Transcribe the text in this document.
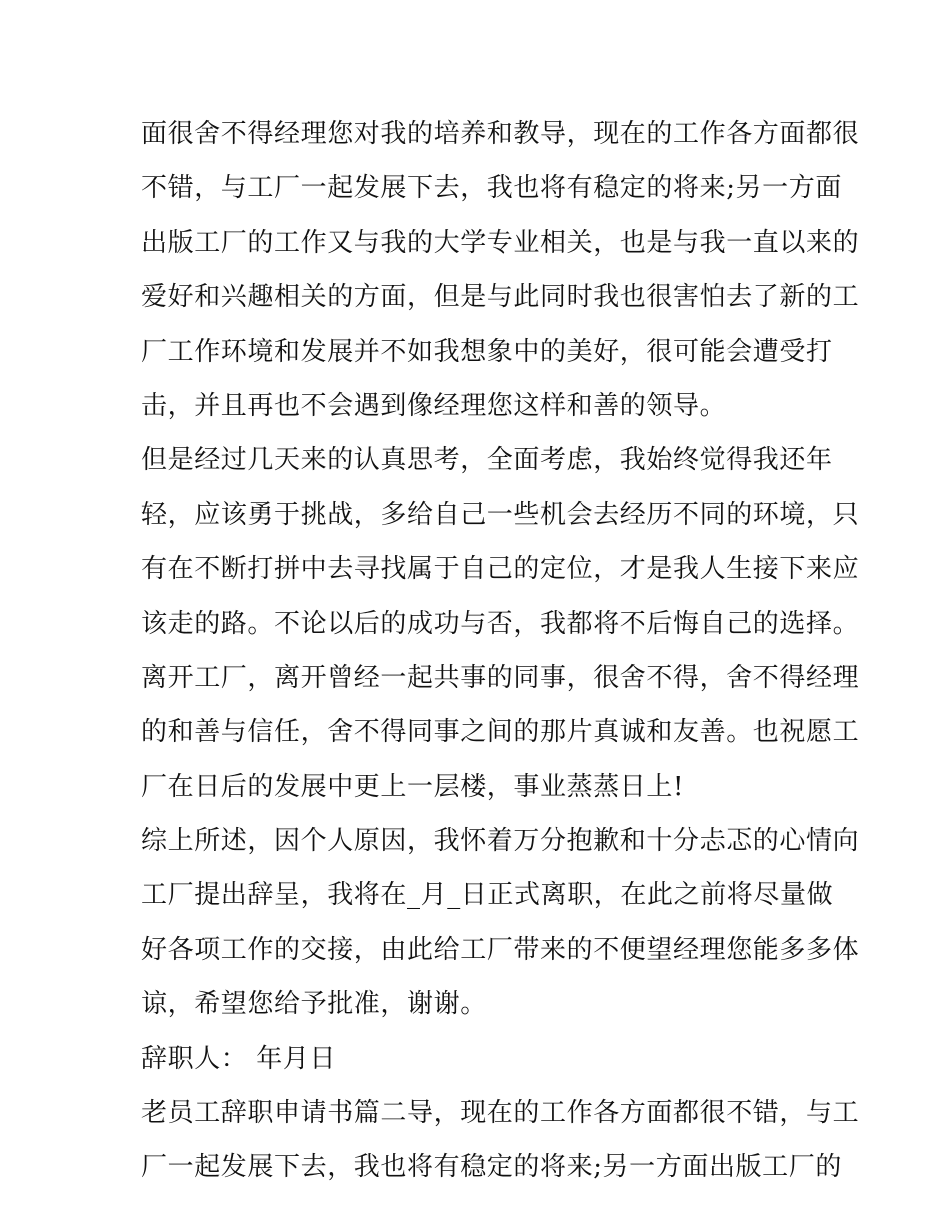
面很舍不得经理您对我的培养和教导，现在的工作各方面都很
不错，与工厂一起发展下去，我也将有稳定的将来;另一方面
出版工厂的工作又与我的大学专业相关，也是与我一直以来的
爱好和兴趣相关的方面，但是与此同时我也很害怕去了新的工
厂工作环境和发展并不如我想象中的美好，很可能会遭受打
击，并且再也不会遇到像经理您这样和善的领导。
但是经过几天来的认真思考，全面考虑，我始终觉得我还年
轻，应该勇于挑战，多给自己一些机会去经历不同的环境，只
有在不断打拼中去寻找属于自己的定位，才是我人生接下来应
该走的路。不论以后的成功与否，我都将不后悔自己的选择。
离开工厂，离开曾经一起共事的同事，很舍不得，舍不得经理
的和善与信任，舍不得同事之间的那片真诚和友善。也祝愿工
厂在日后的发展中更上一层楼，事业蒸蒸日上!
综上所述，因个人原因，我怀着万分抱歉和十分忐忑的心情向
工厂提出辞呈，我将在_月_日正式离职，在此之前将尽量做
好各项工作的交接，由此给工厂带来的不便望经理您能多多体
谅，希望您给予批准，谢谢。
辞职人： 年月日
老员工辞职申请书篇二导，现在的工作各方面都很不错，与工
厂一起发展下去，我也将有稳定的将来;另一方面出版工厂的
